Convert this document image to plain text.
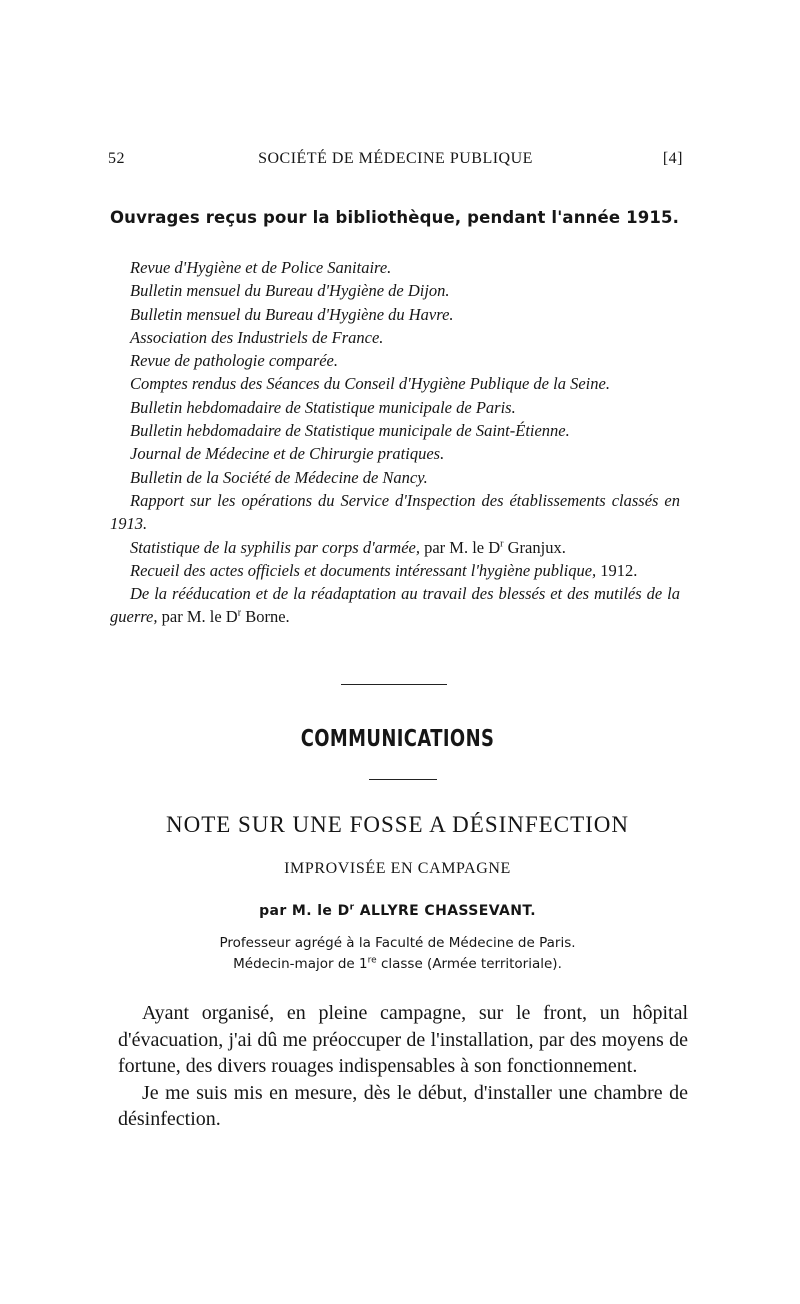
52	SOCIÉTÉ DE MÉDECINE PUBLIQUE	[4]
Ouvrages reçus pour la bibliothèque, pendant l'année 1915.
Revue d'Hygiène et de Police Sanitaire.
Bulletin mensuel du Bureau d'Hygiène de Dijon.
Bulletin mensuel du Bureau d'Hygiène du Havre.
Association des Industriels de France.
Revue de pathologie comparée.
Comptes rendus des Séances du Conseil d'Hygiène Publique de la Seine.
Bulletin hebdomadaire de Statistique municipale de Paris.
Bulletin hebdomadaire de Statistique municipale de Saint-Étienne.
Journal de Médecine et de Chirurgie pratiques.
Bulletin de la Société de Médecine de Nancy.
Rapport sur les opérations du Service d'Inspection des établissements classés en 1913.
Statistique de la syphilis par corps d'armée, par M. le $D^r$ Granjux.
Recueil des actes officiels et documents intéressant l'hygiène publique, 1912.
De la rééducation et de la réadaptation au travail des blessés et des mutilés de la guerre, par M. le $D^r$ Borne.
COMMUNICATIONS
NOTE SUR UNE FOSSE A DÉSINFECTION
IMPROVISÉE EN CAMPAGNE
par M. le $D^r$ ALLYRE CHASSEVANT.
Professeur agrégé à la Faculté de Médecine de Paris.
Médecin-major de 1re classe (Armée territoriale).

Ayant organisé, en pleine campagne, sur le front, un hôpital d'évacuation, j'ai dû me préoccuper de l'installation, par des moyens de fortune, des divers rouages indispensables à son fonctionnement.

Je me suis mis en mesure, dès le début, d'installer une chambre de désinfection.
